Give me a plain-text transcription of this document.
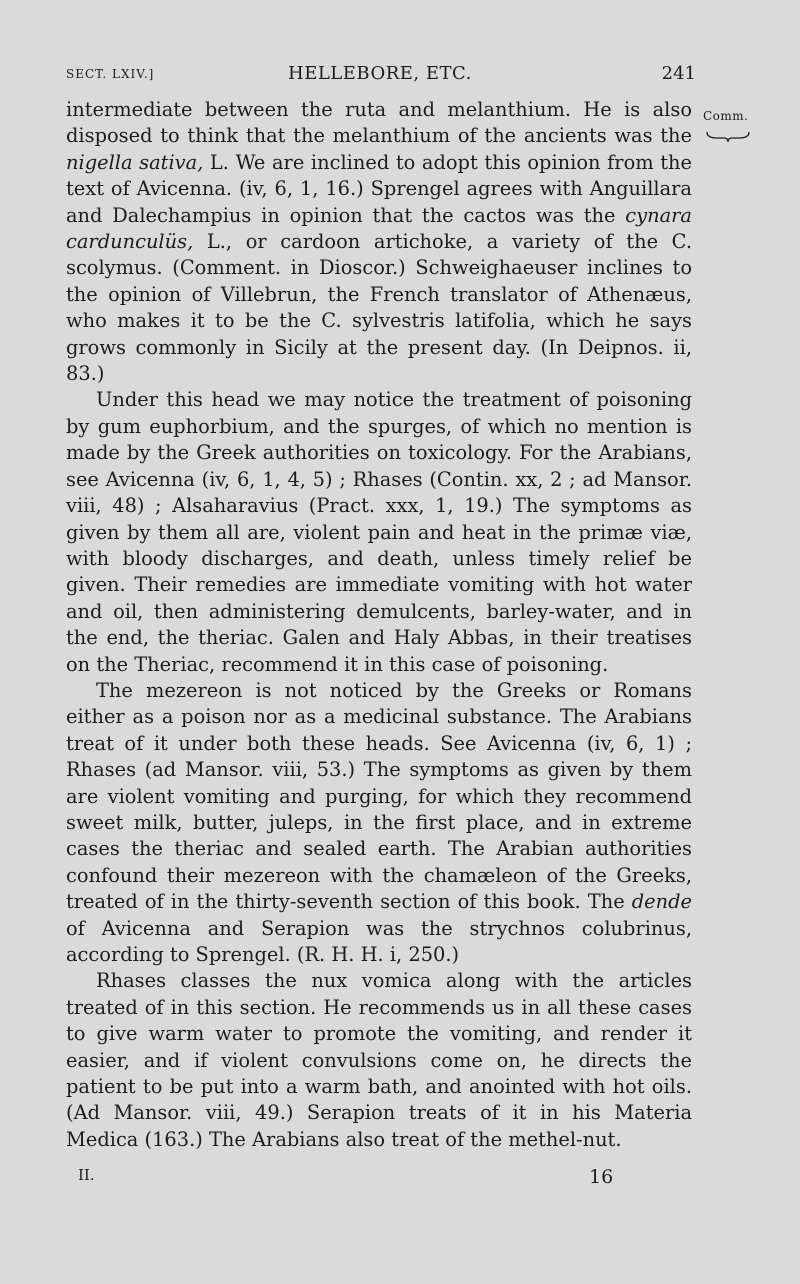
SECT. LXIV.]	HELLEBORE, ETC.	241
Comm.

intermediate between the ruta and melanthium. He is also disposed to think that the melanthium of the ancients was the nigella sativa, L. We are inclined to adopt this opinion from the text of Avicenna. (iv, 6, 1, 16.) Sprengel agrees with Anguillara and Dalechampius in opinion that the cactos was the cynara cardunculüs, L., or cardoon artichoke, a variety of the C. scolymus. (Comment. in Dioscor.) Schweighaeuser inclines to the opinion of Villebrun, the French translator of Athenæus, who makes it to be the C. sylvestris latifolia, which he says grows commonly in Sicily at the present day. (In Deipnos. ii, 83.)

Under this head we may notice the treatment of poisoning by gum euphorbium, and the spurges, of which no mention is made by the Greek authorities on toxicology. For the Arabians, see Avicenna (iv, 6, 1, 4, 5) ; Rhases (Contin. xx, 2 ; ad Mansor. viii, 48) ; Alsaharavius (Pract. xxx, 1, 19.) The symptoms as given by them all are, violent pain and heat in the primæ viæ, with bloody discharges, and death, unless timely relief be given. Their remedies are immediate vomiting with hot water and oil, then administering demulcents, barley-water, and in the end, the theriac. Galen and Haly Abbas, in their treatises on the Theriac, recommend it in this case of poisoning.

The mezereon is not noticed by the Greeks or Romans either as a poison nor as a medicinal substance. The Arabians treat of it under both these heads. See Avicenna (iv, 6, 1) ; Rhases (ad Mansor. viii, 53.) The symptoms as given by them are violent vomiting and purging, for which they recommend sweet milk, butter, juleps, in the first place, and in extreme cases the theriac and sealed earth. The Arabian authorities confound their mezereon with the chamæleon of the Greeks, treated of in the thirty-seventh section of this book. The dende of Avicenna and Serapion was the strychnos colubrinus, according to Sprengel. (R. H. H. i, 250.)

Rhases classes the nux vomica along with the articles treated of in this section. He recommends us in all these cases to give warm water to promote the vomiting, and render it easier, and if violent convulsions come on, he directs the patient to be put into a warm bath, and anointed with hot oils. (Ad Mansor. viii, 49.) Serapion treats of it in his Materia Medica (163.) The Arabians also treat of the methel-nut.

II.	16
